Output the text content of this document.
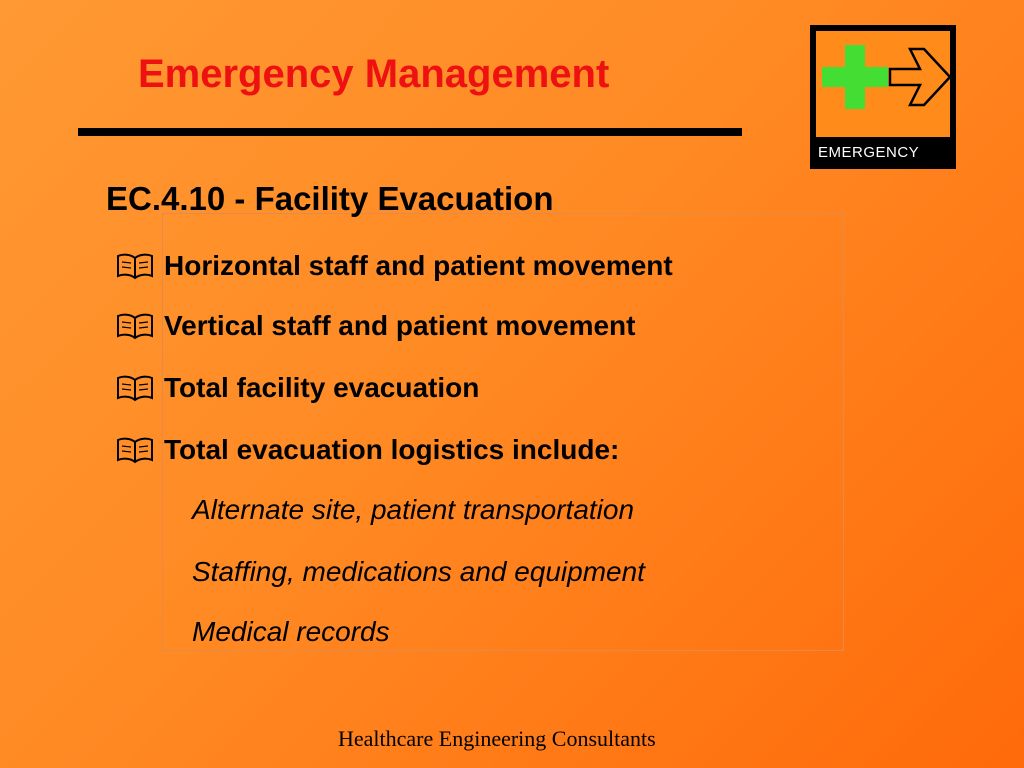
Emergency Management
EMERGENCY
EC.4.10 - Facility Evacuation
Horizontal staff and patient movement
Vertical staff and patient movement
Total facility evacuation
Total evacuation logistics include:
Alternate site, patient transportation
Staffing, medications and equipment
Medical records
Healthcare Engineering Consultants
